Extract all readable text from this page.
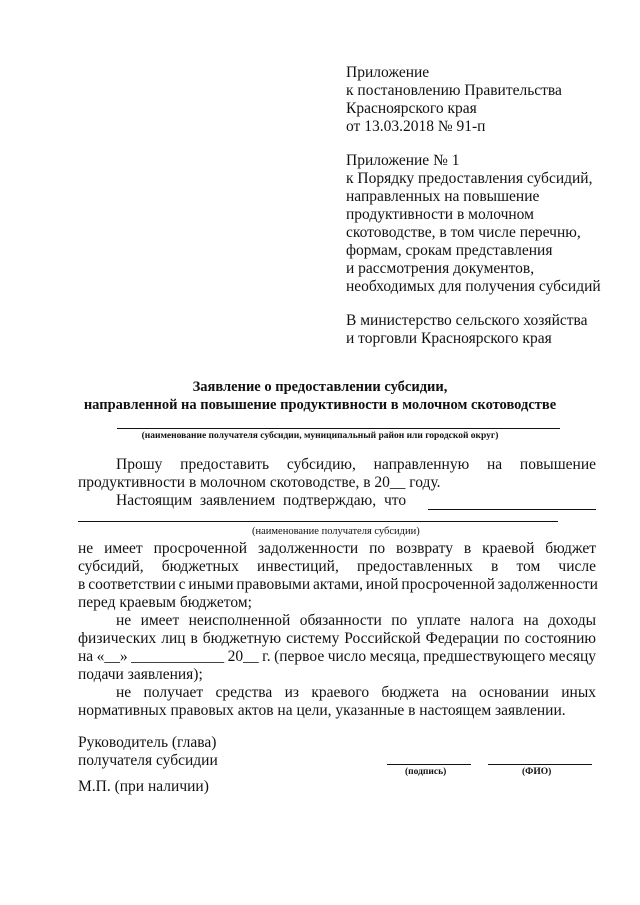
Приложение
к постановлению Правительства
Красноярского края
от 13.03.2018 № 91-п
Приложение № 1
к Порядку предоставления субсидий,
направленных на повышение
продуктивности в молочном
скотоводстве, в том числе перечню,
формам, срокам представления
и рассмотрения документов,
необходимых для получения субсидий
В министерство сельского хозяйства
и торговли Красноярского края
Заявление о предоставлении субсидии,
направленной на повышение продуктивности в молочном скотоводстве
(наименование получателя субсидии, муниципальный район или городской округ)
Прошу предоставить субсидию, направленную на повышение
продуктивности в молочном скотоводстве, в 20__ году.
Настоящим заявлением подтверждаю, что
(наименование получателя субсидии)
не имеет просроченной задолженности по возврату в краевой бюджет
субсидий, бюджетных инвестиций, предоставленных в том числе
в соответствии с иными правовыми актами, иной просроченной задолженности
перед краевым бюджетом;
не имеет неисполненной обязанности по уплате налога на доходы
физических лиц в бюджетную систему Российской Федерации по состоянию
на «__» ____________ 20__ г. (первое число месяца, предшествующего месяцу
подачи заявления);
не получает средства из краевого бюджета на основании иных
нормативных правовых актов на цели, указанные в настоящем заявлении.
Руководитель (глава)
получателя субсидии
(подпись)	(ФИО)
М.П. (при наличии)
